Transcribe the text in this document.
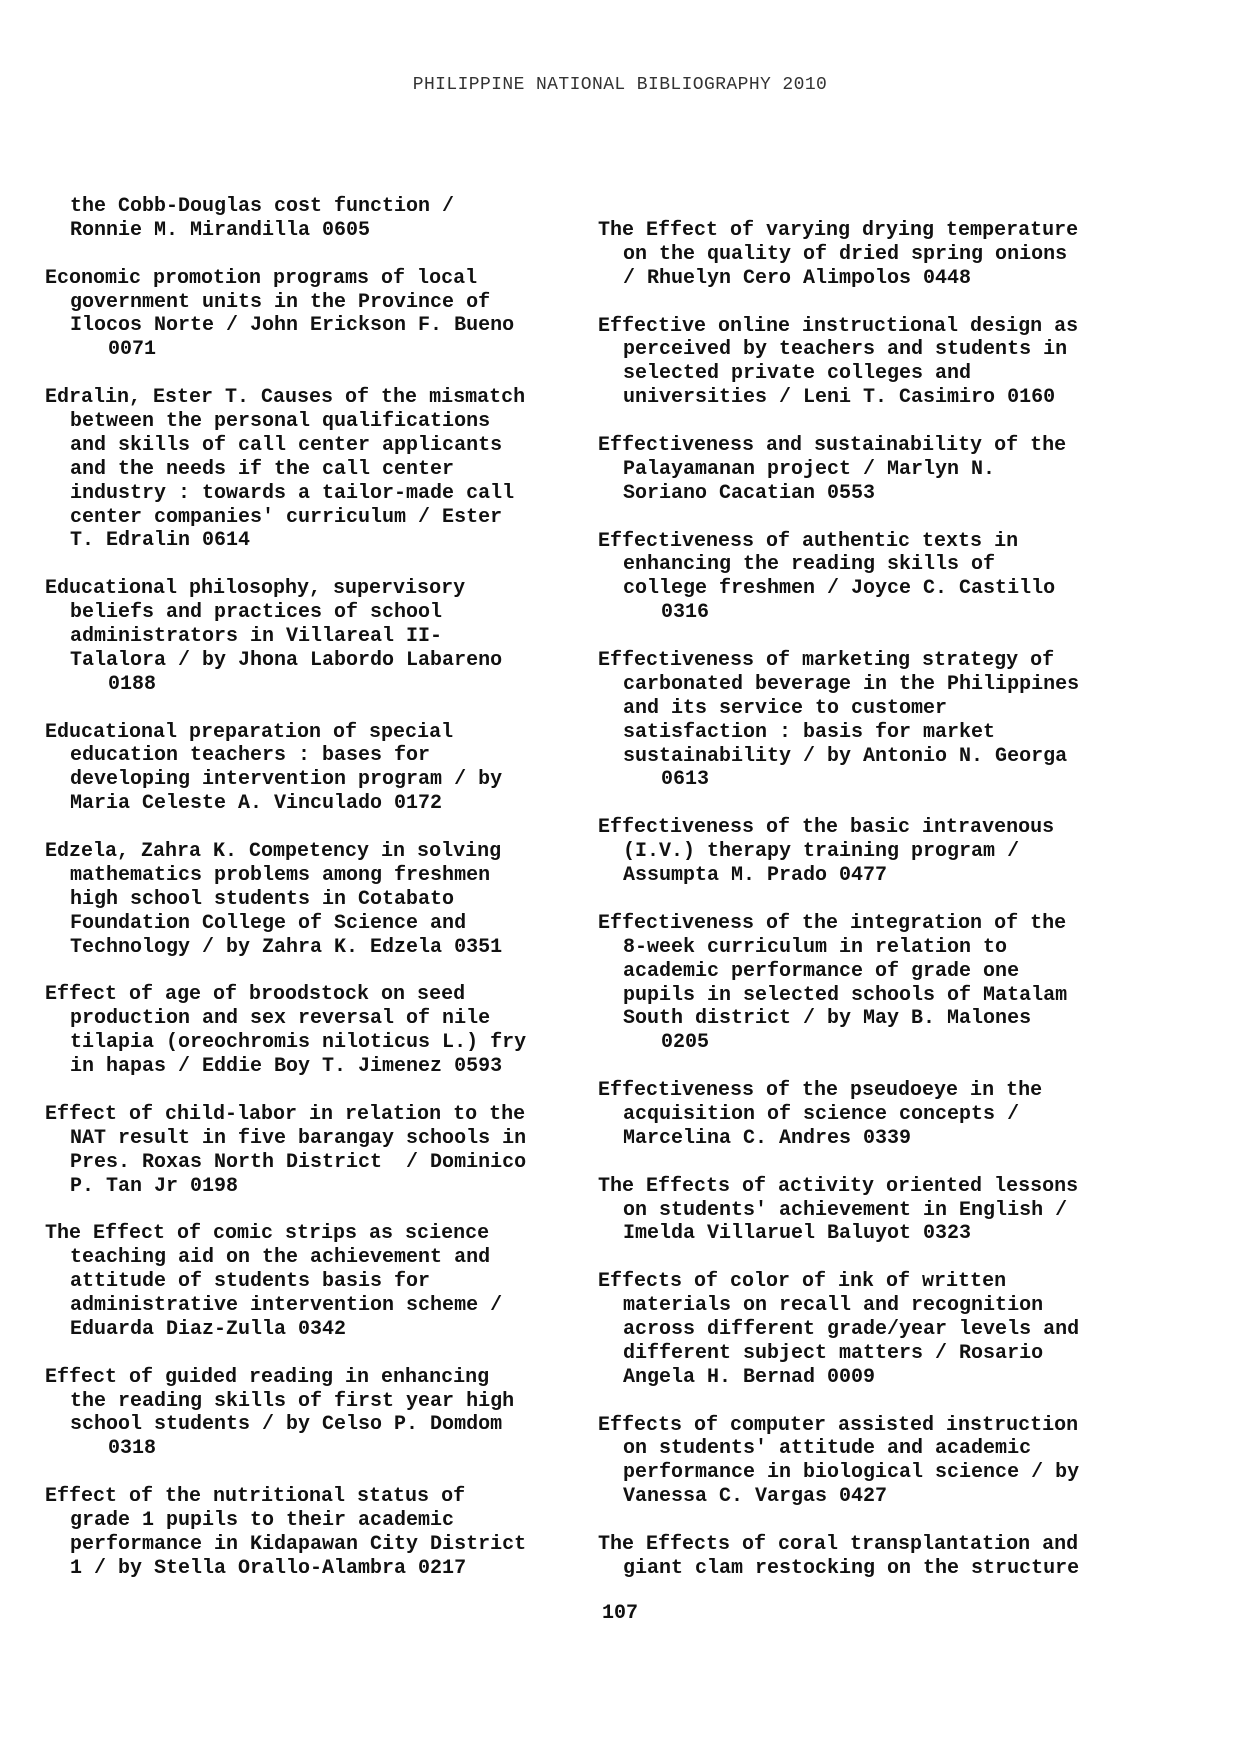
PHILIPPINE NATIONAL BIBLIOGRAPHY 2010
the Cobb-Douglas cost function /
Ronnie M. Mirandilla 0605
Economic promotion programs of local
government units in the Province of
Ilocos Norte / John Erickson F. Bueno
0071
Edralin, Ester T. Causes of the mismatch
between the personal qualifications
and skills of call center applicants
and the needs if the call center
industry : towards a tailor-made call
center companies' curriculum / Ester
T. Edralin 0614
Educational philosophy, supervisory
beliefs and practices of school
administrators in Villareal II-
Talalora / by Jhona Labordo Labareno
0188
Educational preparation of special
education teachers : bases for
developing intervention program / by
Maria Celeste A. Vinculado 0172
Edzela, Zahra K. Competency in solving
mathematics problems among freshmen
high school students in Cotabato
Foundation College of Science and
Technology / by Zahra K. Edzela 0351
Effect of age of broodstock on seed
production and sex reversal of nile
tilapia (oreochromis niloticus L.) fry
in hapas / Eddie Boy T. Jimenez 0593
Effect of child-labor in relation to the
NAT result in five barangay schools in
Pres. Roxas North District  / Dominico
P. Tan Jr 0198
The Effect of comic strips as science
teaching aid on the achievement and
attitude of students basis for
administrative intervention scheme /
Eduarda Diaz-Zulla 0342
Effect of guided reading in enhancing
the reading skills of first year high
school students / by Celso P. Domdom
0318
Effect of the nutritional status of
grade 1 pupils to their academic
performance in Kidapawan City District
1 / by Stella Orallo-Alambra 0217
The Effect of varying drying temperature
on the quality of dried spring onions
/ Rhuelyn Cero Alimpolos 0448
Effective online instructional design as
perceived by teachers and students in
selected private colleges and
universities / Leni T. Casimiro 0160
Effectiveness and sustainability of the
Palayamanan project / Marlyn N.
Soriano Cacatian 0553
Effectiveness of authentic texts in
enhancing the reading skills of
college freshmen / Joyce C. Castillo
0316
Effectiveness of marketing strategy of
carbonated beverage in the Philippines
and its service to customer
satisfaction : basis for market
sustainability / by Antonio N. Georga
0613
Effectiveness of the basic intravenous
(I.V.) therapy training program /
Assumpta M. Prado 0477
Effectiveness of the integration of the
8-week curriculum in relation to
academic performance of grade one
pupils in selected schools of Matalam
South district / by May B. Malones
0205
Effectiveness of the pseudoeye in the
acquisition of science concepts /
Marcelina C. Andres 0339
The Effects of activity oriented lessons
on students' achievement in English /
Imelda Villaruel Baluyot 0323
Effects of color of ink of written
materials on recall and recognition
across different grade/year levels and
different subject matters / Rosario
Angela H. Bernad 0009
Effects of computer assisted instruction
on students' attitude and academic
performance in biological science / by
Vanessa C. Vargas 0427
The Effects of coral transplantation and
giant clam restocking on the structure
107
